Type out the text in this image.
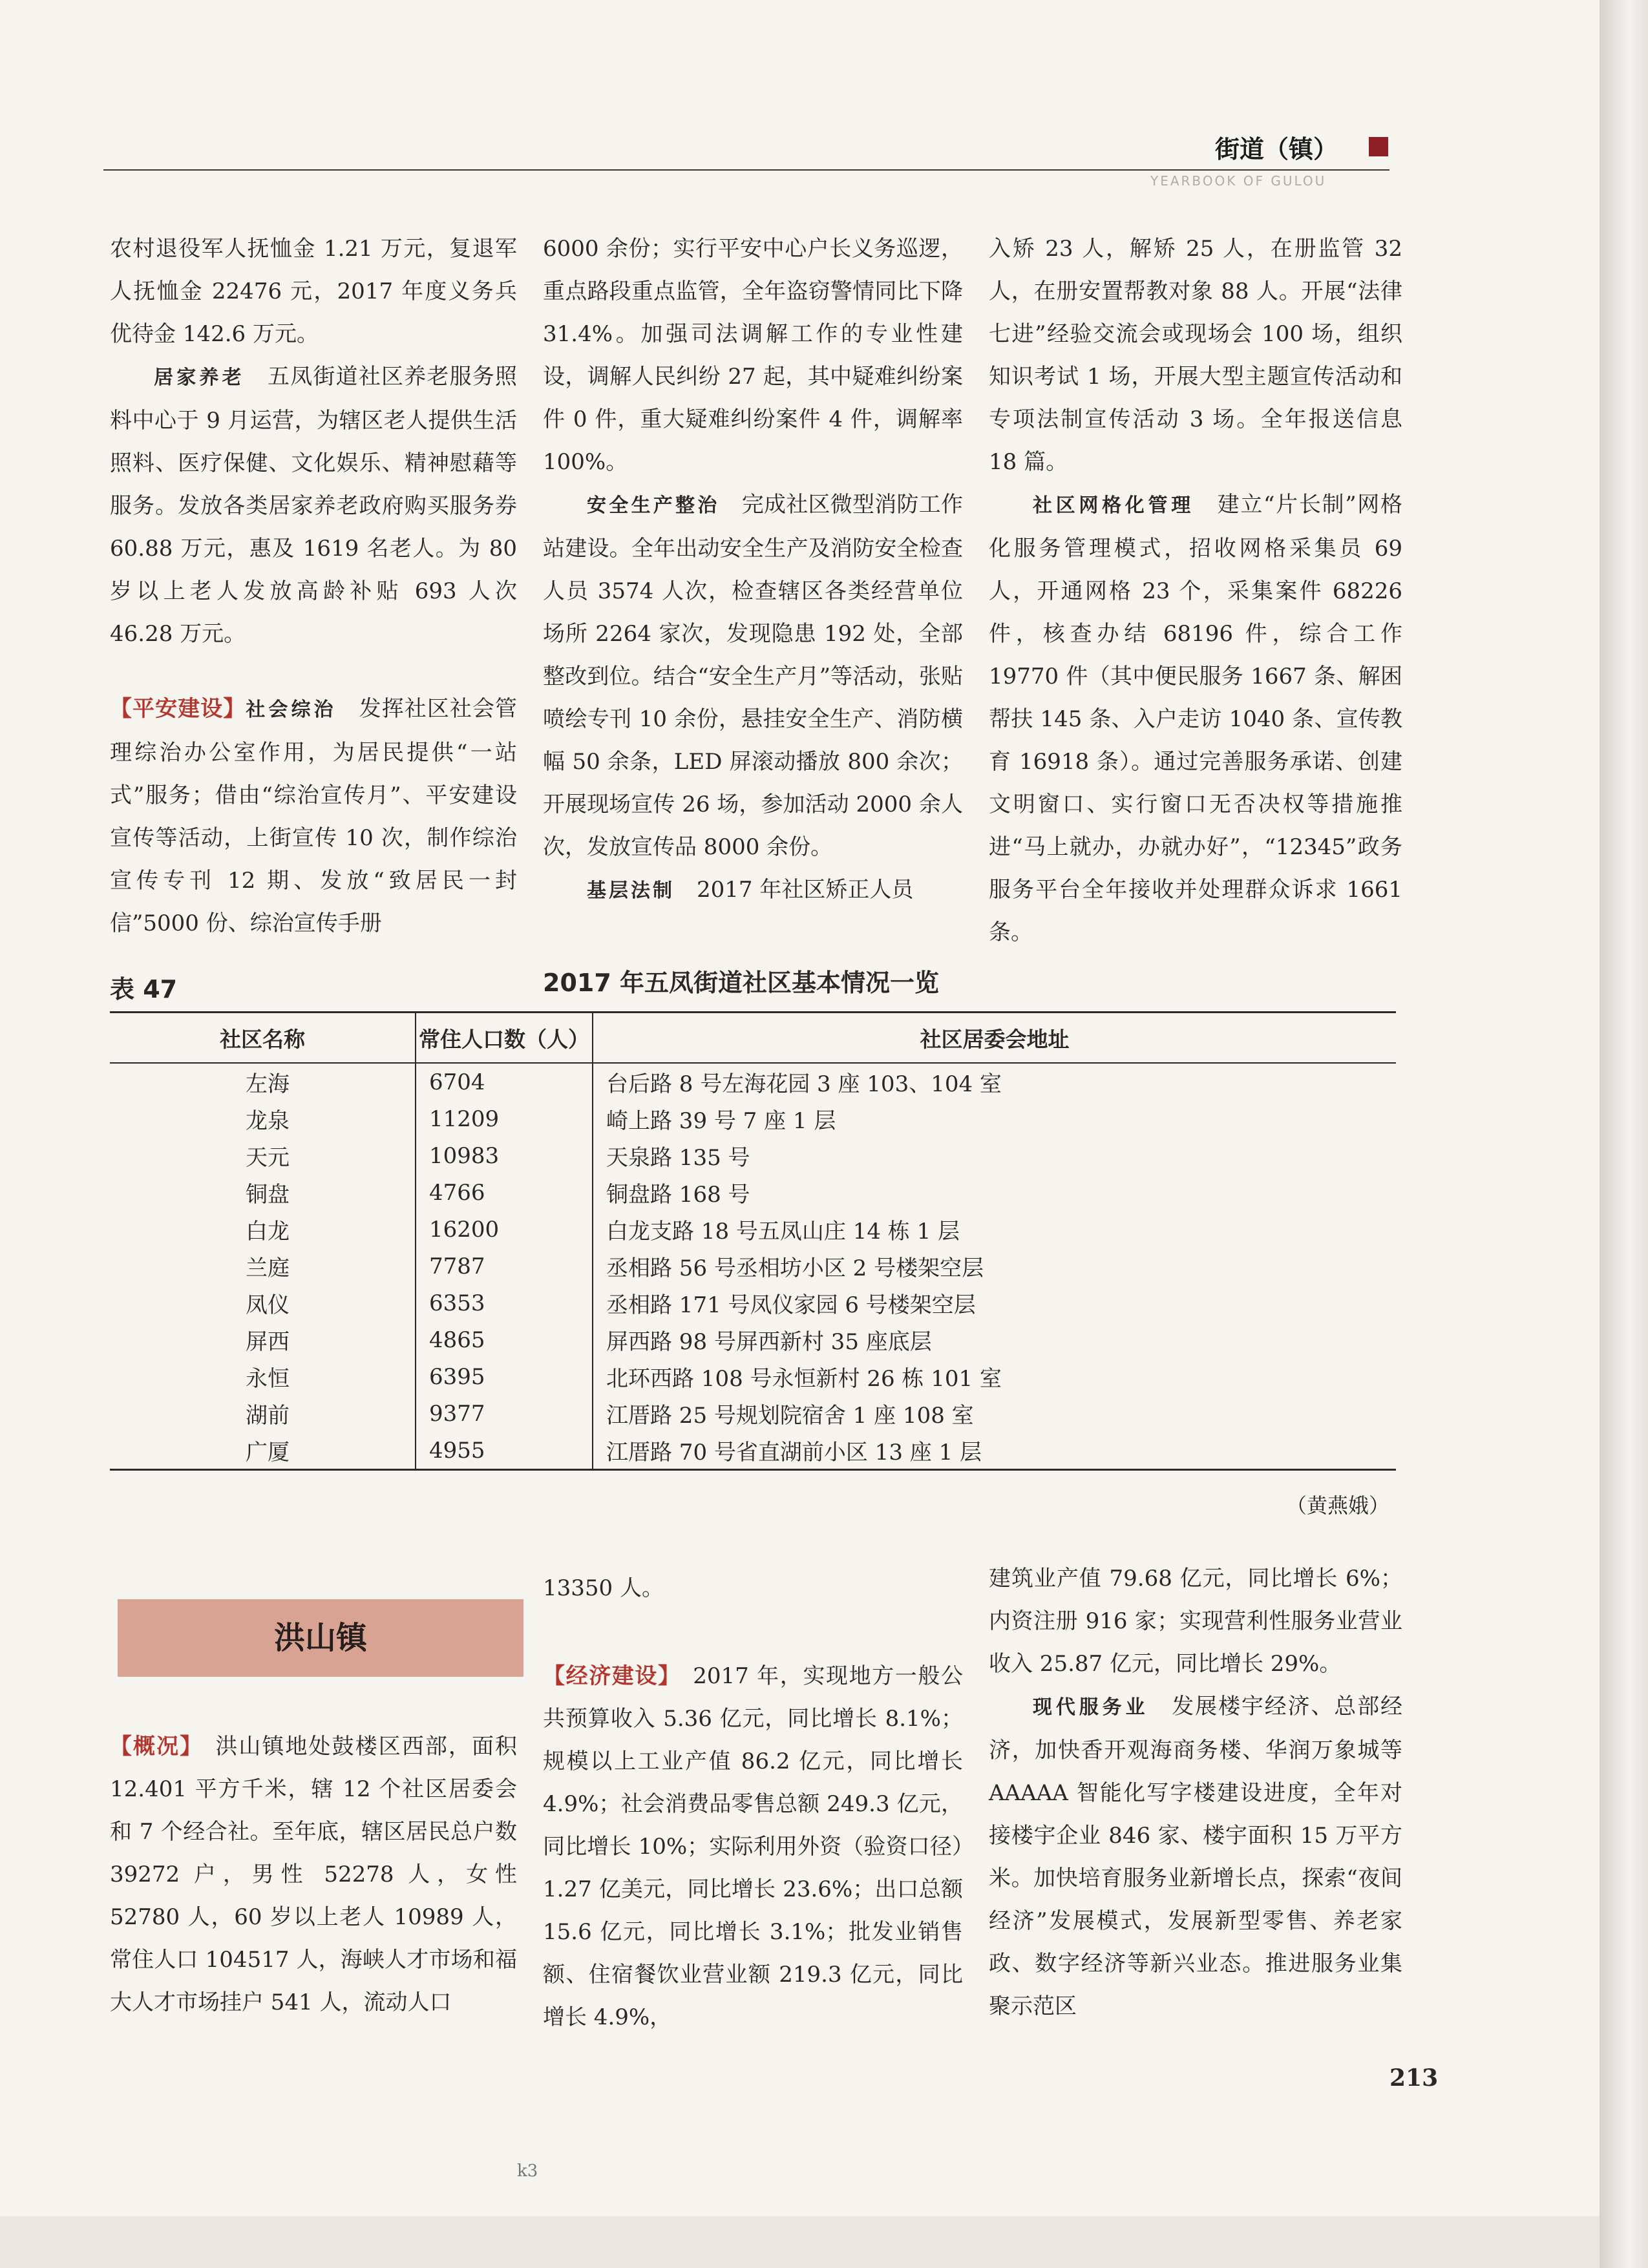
街道（镇）
YEARBOOK OF GULOU

农村退役军人抚恤金 1.21 万元，复退军人抚恤金 22476 元，2017 年度义务兵优待金 142.6 万元。

居家养老　 五凤街道社区养老服务照料中心于 9 月运营，为辖区老人提供生活照料、医疗保健、文化娱乐、精神慰藉等服务。发放各类居家养老政府购买服务券 60.88 万元，惠及 1619 名老人。为 80 岁以上老人发放高龄补贴 693 人次 46.28 万元。

【平安建设】社会综治　 发挥社区社会管理综治办公室作用，为居民提供“一站式”服务；借由“综治宣传月”、平安建设宣传等活动，上街宣传 10 次，制作综治宣传专刊 12 期、发放“致居民一封信”5000 份、综治宣传手册

6000 余份；实行平安中心户长义务巡逻，重点路段重点监管，全年盗窃警情同比下降 31.4%。加强司法调解工作的专业性建设，调解人民纠纷 27 起，其中疑难纠纷案件 0 件，重大疑难纠纷案件 4 件，调解率 100%。

安全生产整治　 完成社区微型消防工作站建设。全年出动安全生产及消防安全检查人员 3574 人次，检查辖区各类经营单位场所 2264 家次，发现隐患 192 处，全部整改到位。结合“安全生产月”等活动，张贴喷绘专刊 10 余份，悬挂安全生产、消防横幅 50 余条，LED 屏滚动播放 800 余次；开展现场宣传 26 场，参加活动 2000 余人次，发放宣传品 8000 余份。

基层法制　 2017 年社区矫正人员

入矫 23 人，解矫 25 人，在册监管 32 人，在册安置帮教对象 88 人。开展“法律七进”经验交流会或现场会 100 场，组织知识考试 1 场，开展大型主题宣传活动和专项法制宣传活动 3 场。全年报送信息 18 篇。

社区网格化管理　 建立“片长制”网格化服务管理模式，招收网格采集员 69 人，开通网格 23 个，采集案件 68226 件，核查办结 68196 件，综合工作 19770 件（其中便民服务 1667 条、解困帮扶 145 条、入户走访 1040 条、宣传教育 16918 条）。通过完善服务承诺、创建文明窗口、实行窗口无否决权等措施推进“马上就办，办就办好”，“12345”政务服务平台全年接收并处理群众诉求 1661 条。

表 47	2017 年五凤街道社区基本情况一览
社区名称	常住人口数（人）	社区居委会地址
左海	6704	台后路 8 号左海花园 3 座 103、104 室
龙泉	11209	崎上路 39 号 7 座 1 层
天元	10983	天泉路 135 号
铜盘	4766	铜盘路 168 号
白龙	16200	白龙支路 18 号五凤山庄 14 栋 1 层
兰庭	7787	丞相路 56 号丞相坊小区 2 号楼架空层
凤仪	6353	丞相路 171 号凤仪家园 6 号楼架空层
屏西	4865	屏西路 98 号屏西新村 35 座底层
永恒	6395	北环西路 108 号永恒新村 26 栋 101 室
湖前	9377	江厝路 25 号规划院宿舍 1 座 108 室
广厦	4955	江厝路 70 号省直湖前小区 13 座 1 层
（黄燕娥）
洪山镇

【概况】　 洪山镇地处鼓楼区西部，面积 12.401 平方千米，辖 12 个社区居委会和 7 个经合社。至年底，辖区居民总户数 39272 户，男性 52278 人，女性 52780 人，60 岁以上老人 10989 人，常住人口 104517 人，海峡人才市场和福大人才市场挂户 541 人，流动人口

13350 人。

【经济建设】　 2017 年，实现地方一般公共预算收入 5.36 亿元，同比增长 8.1%；规模以上工业产值 86.2 亿元，同比增长 4.9%；社会消费品零售总额 249.3 亿元，同比增长 10%；实际利用外资（验资口径）1.27 亿美元，同比增长 23.6%；出口总额 15.6 亿元，同比增长 3.1%；批发业销售额、住宿餐饮业营业额 219.3 亿元，同比增长 4.9%，

建筑业产值 79.68 亿元，同比增长 6%；内资注册 916 家；实现营利性服务业营业收入 25.87 亿元，同比增长 29%。

现代服务业　 发展楼宇经济、总部经济，加快香开观海商务楼、华润万象城等 AAAAA 智能化写字楼建设进度，全年对接楼宇企业 846 家、楼宇面积 15 万平方米。加快培育服务业新增长点，探索“夜间经济”发展模式，发展新型零售、养老家政、数字经济等新兴业态。推进服务业集聚示范区

213
k3
